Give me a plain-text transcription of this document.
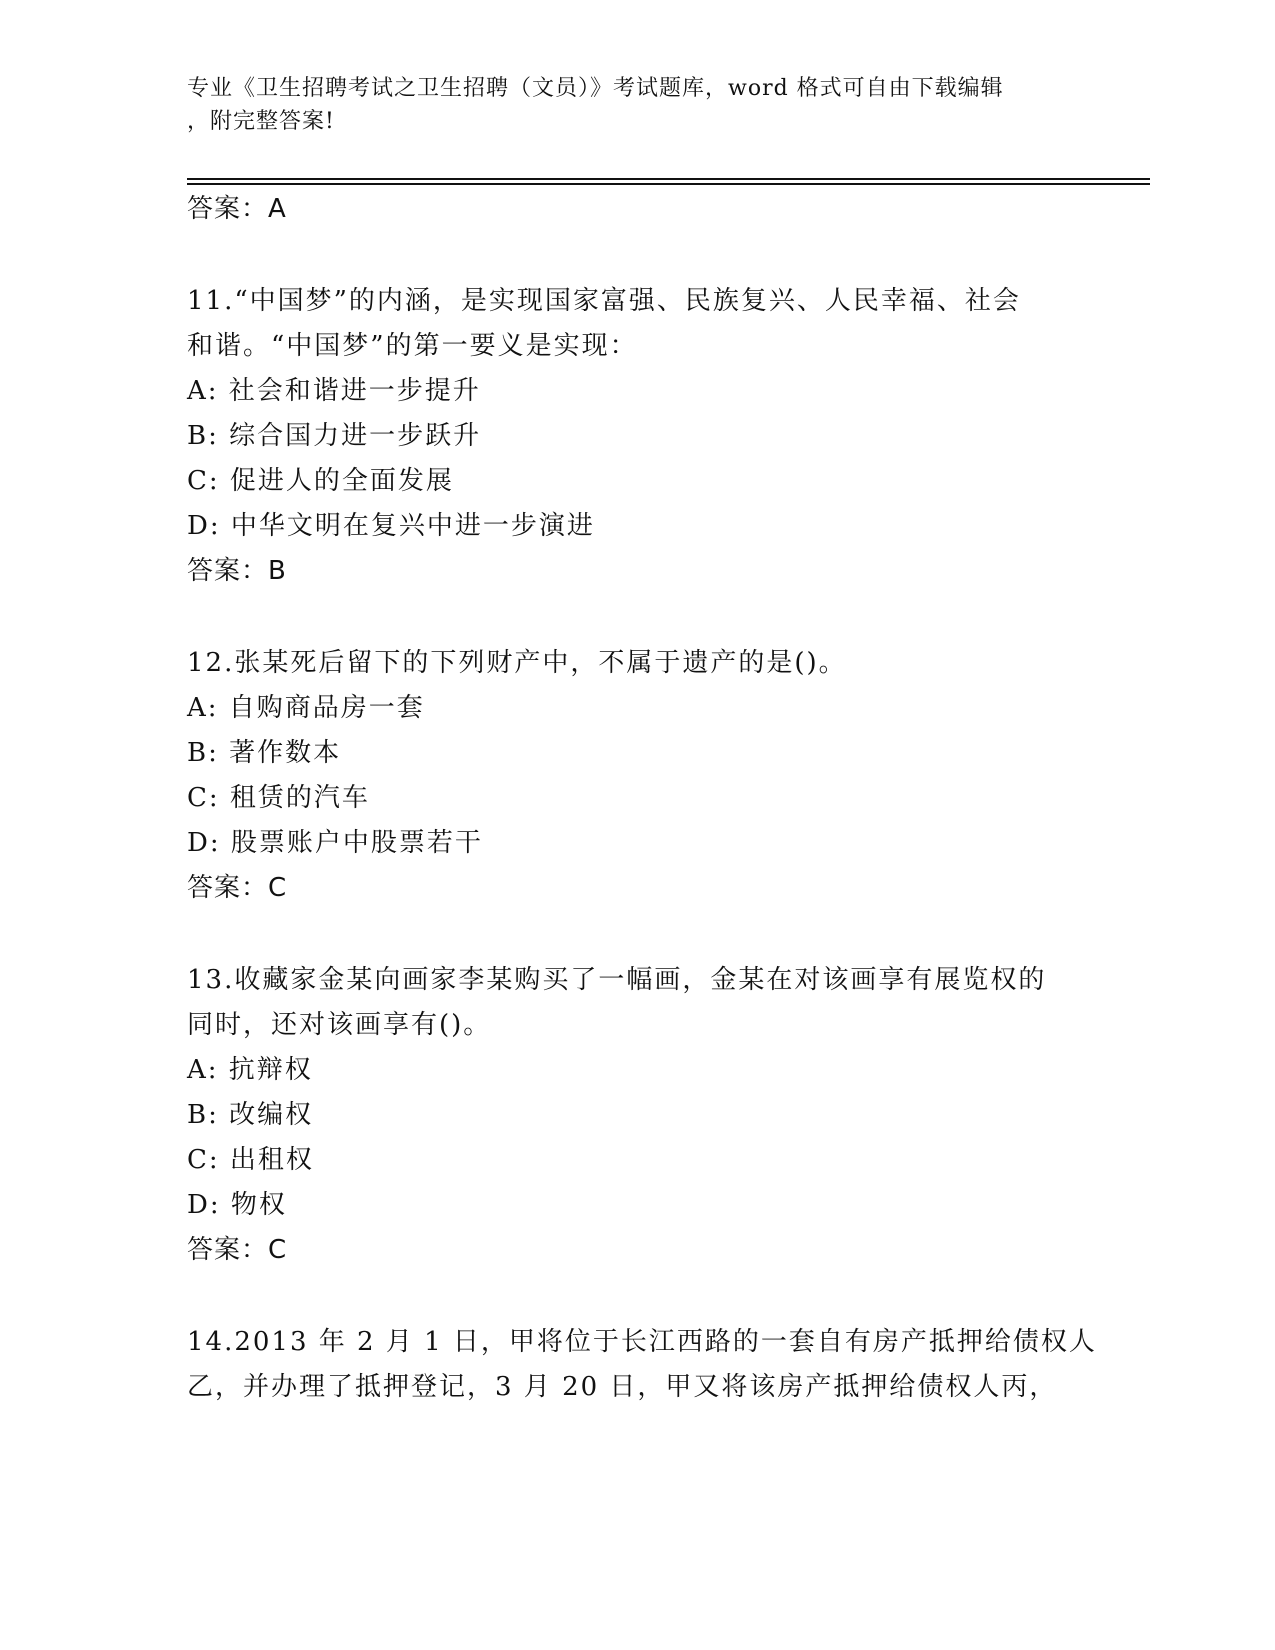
专业《卫生招聘考试之卫生招聘（文员）》考试题库，word 格式可自由下载编辑
，附完整答案!
答案：A
11.“中国梦”的内涵，是实现国家富强、民族复兴、人民幸福、社会
和谐。“中国梦”的第一要义是实现：
A: 社会和谐进一步提升
B: 综合国力进一步跃升
C: 促进人的全面发展
D: 中华文明在复兴中进一步演进
答案：B
12.张某死后留下的下列财产中，不属于遗产的是()。
A: 自购商品房一套
B: 著作数本
C: 租赁的汽车
D: 股票账户中股票若干
答案：C
13.收藏家金某向画家李某购买了一幅画，金某在对该画享有展览权的
同时，还对该画享有()。
A: 抗辩权
B: 改编权
C: 出租权
D: 物权
答案：C
14.2013 年 2 月 1 日，甲将位于长江西路的一套自有房产抵押给债权人
乙，并办理了抵押登记，3 月 20 日，甲又将该房产抵押给债权人丙，
